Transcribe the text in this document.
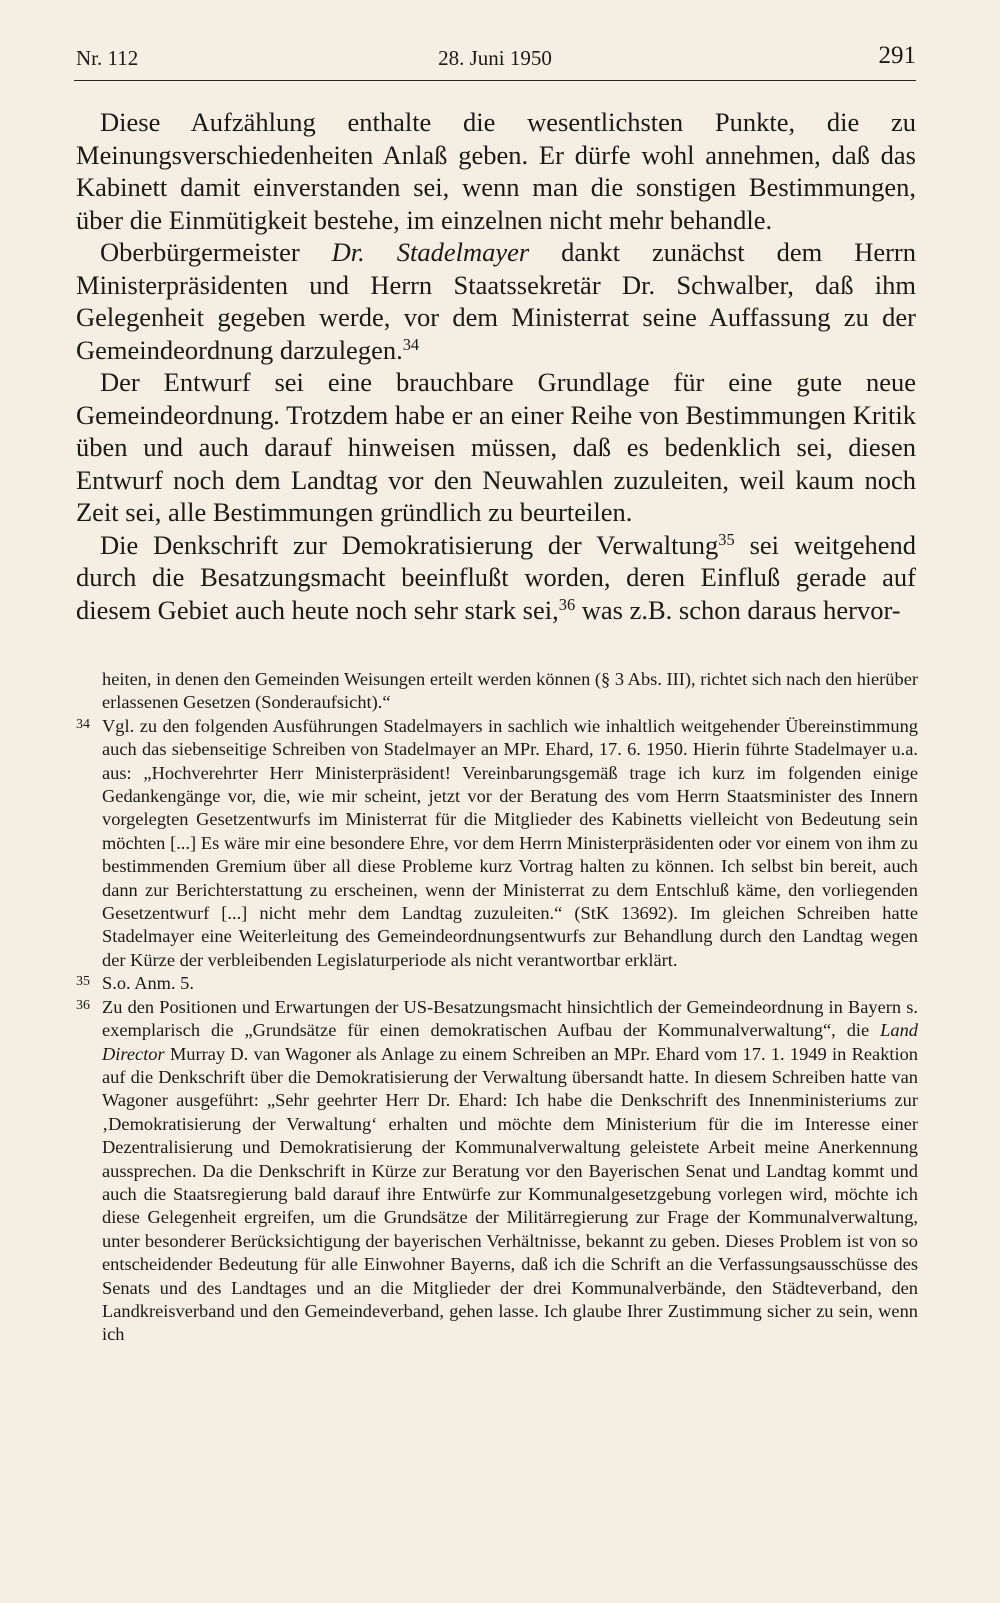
Nr. 112	28. Juni 1950	291

Diese Aufzählung enthalte die wesentlichsten Punkte, die zu Meinungsverschiedenheiten Anlaß geben. Er dürfe wohl annehmen, daß das Kabinett damit einverstanden sei, wenn man die sonstigen Bestimmungen, über die Einmütigkeit bestehe, im einzelnen nicht mehr behandle.

Oberbürgermeister Dr. Stadelmayer dankt zunächst dem Herrn Ministerpräsidenten und Herrn Staatssekretär Dr. Schwalber, daß ihm Gelegenheit gegeben werde, vor dem Ministerrat seine Auffassung zu der Gemeindeordnung darzulegen.$^{34}$

Der Entwurf sei eine brauchbare Grundlage für eine gute neue Gemeindeordnung. Trotzdem habe er an einer Reihe von Bestimmungen Kritik üben und auch darauf hinweisen müssen, daß es bedenklich sei, diesen Entwurf noch dem Landtag vor den Neuwahlen zuzuleiten, weil kaum noch Zeit sei, alle Bestimmungen gründlich zu beurteilen.

Die Denkschrift zur Demokratisierung der Verwaltung$^{35}$ sei weitgehend durch die Besatzungsmacht beeinflußt worden, deren Einfluß gerade auf diesem Gebiet auch heute noch sehr stark sei,$^{36}$ was z.B. schon daraus hervor-

heiten, in denen den Gemeinden Weisungen erteilt werden können (§ 3 Abs. III), richtet sich nach den hierüber erlassenen Gesetzen (Sonderaufsicht).“

34 Vgl. zu den folgenden Ausführungen Stadelmayers in sachlich wie inhaltlich weitgehender Übereinstimmung auch das siebenseitige Schreiben von Stadelmayer an MPr. Ehard, 17. 6. 1950. Hierin führte Stadelmayer u.a. aus: „Hochverehrter Herr Ministerpräsident! Vereinbarungsgemäß trage ich kurz im folgenden einige Gedankengänge vor, die, wie mir scheint, jetzt vor der Beratung des vom Herrn Staatsminister des Innern vorgelegten Gesetzentwurfs im Ministerrat für die Mitglieder des Kabinetts vielleicht von Bedeutung sein möchten [...] Es wäre mir eine besondere Ehre, vor dem Herrn Ministerpräsidenten oder vor einem von ihm zu bestimmenden Gremium über all diese Probleme kurz Vortrag halten zu können. Ich selbst bin bereit, auch dann zur Berichterstattung zu erscheinen, wenn der Ministerrat zu dem Entschluß käme, den vorliegenden Gesetzentwurf [...] nicht mehr dem Landtag zuzuleiten.“ (StK 13692). Im gleichen Schreiben hatte Stadelmayer eine Weiterleitung des Gemeindeordnungsentwurfs zur Behandlung durch den Landtag wegen der Kürze der verbleibenden Legislaturperiode als nicht verantwortbar erklärt.

35 S.o. Anm. 5.

36 Zu den Positionen und Erwartungen der US-Besatzungsmacht hinsichtlich der Gemeindeordnung in Bayern s. exemplarisch die „Grundsätze für einen demokratischen Aufbau der Kommunalverwaltung“, die Land Director Murray D. van Wagoner als Anlage zu einem Schreiben an MPr. Ehard vom 17. 1. 1949 in Reaktion auf die Denkschrift über die Demokratisierung der Verwaltung übersandt hatte. In diesem Schreiben hatte van Wagoner ausgeführt: „Sehr geehrter Herr Dr. Ehard: Ich habe die Denkschrift des Innenministeriums zur ‚Demokratisierung der Verwaltung‘ erhalten und möchte dem Ministerium für die im Interesse einer Dezentralisierung und Demokratisierung der Kommunalverwaltung geleistete Arbeit meine Anerkennung aussprechen. Da die Denkschrift in Kürze zur Beratung vor den Bayerischen Senat und Landtag kommt und auch die Staatsregierung bald darauf ihre Entwürfe zur Kommunalgesetzgebung vorlegen wird, möchte ich diese Gelegenheit ergreifen, um die Grundsätze der Militärregierung zur Frage der Kommunalverwaltung, unter besonderer Berücksichtigung der bayerischen Verhältnisse, bekannt zu geben. Dieses Problem ist von so entscheidender Bedeutung für alle Einwohner Bayerns, daß ich die Schrift an die Verfassungsausschüsse des Senats und des Landtages und an die Mitglieder der drei Kommunalverbände, den Städteverband, den Landkreisverband und den Gemeindeverband, gehen lasse. Ich glaube Ihrer Zustimmung sicher zu sein, wenn ich
